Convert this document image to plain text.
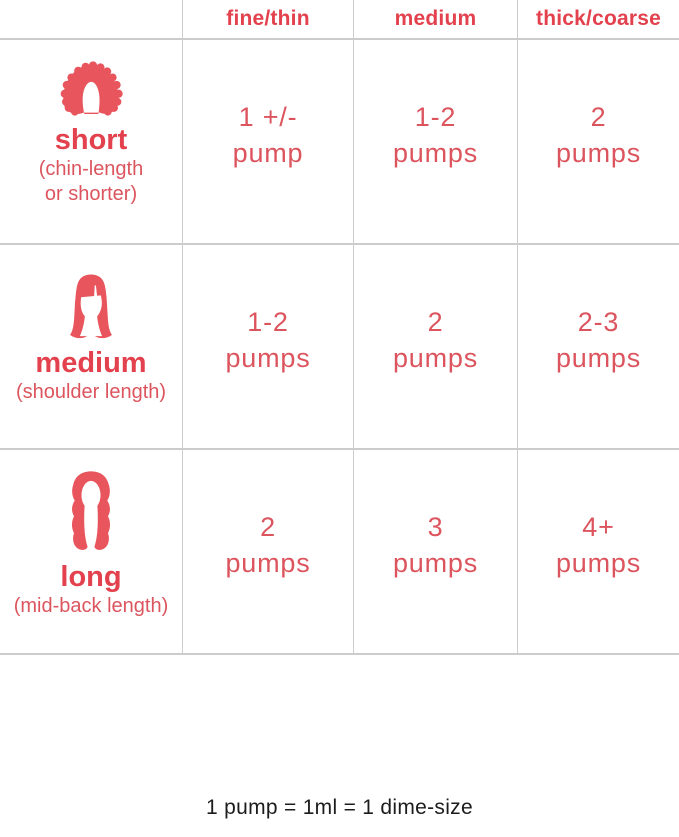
fine/thin	medium	thick/coarse
short
(chin-length
or shorter)
1 +/-
pump
1-2
pumps
2
pumps
medium
(shoulder length)
1-2
pumps
2
pumps
2-3
pumps
long
(mid-back length)
2
pumps
3
pumps
4+
pumps
1 pump = 1ml = 1 dime-size
